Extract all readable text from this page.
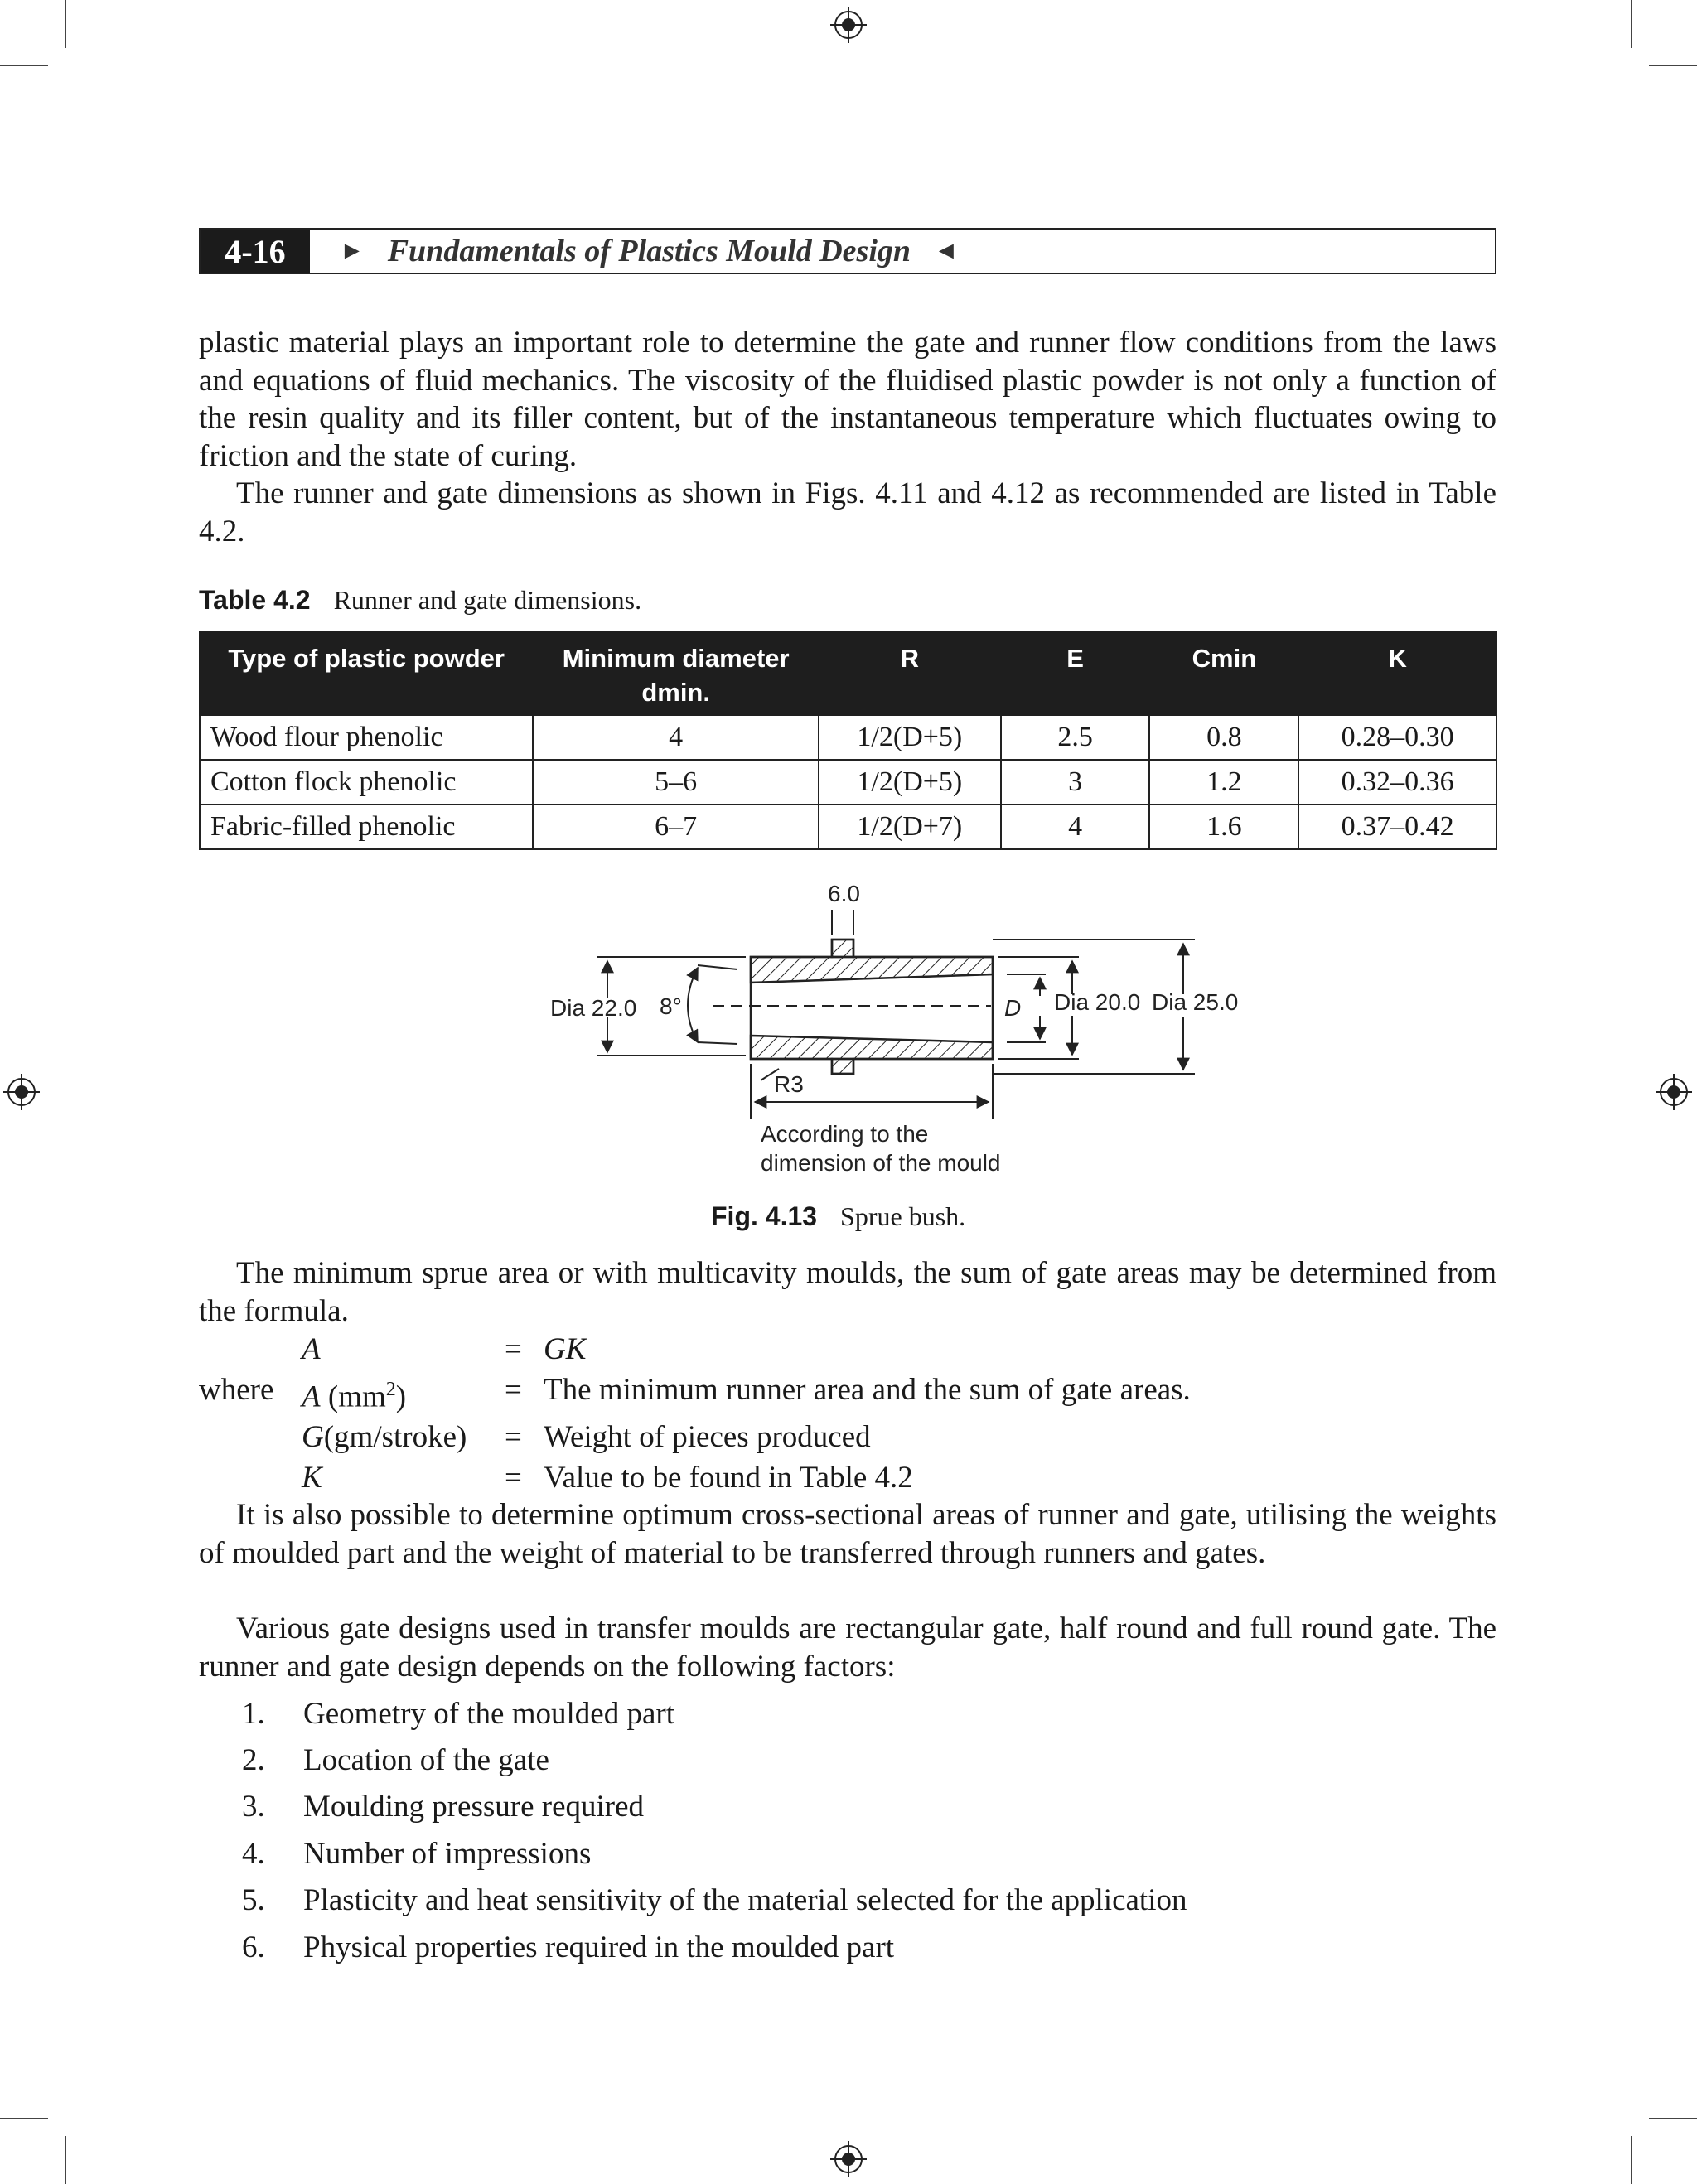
4-16	► Fundamentals of Plastics Mould Design ◄

plastic material plays an important role to determine the gate and runner flow conditions from the laws and equations of fluid mechanics. The viscosity of the fluidised plastic powder is not only a function of the resin quality and its filler content, but of the instantaneous temperature which fluctuates owing to friction and the state of curing.

The runner and gate dimensions as shown in Figs. 4.11 and 4.12 as recommended are listed in Table 4.2.

Table 4.2 Runner and gate dimensions.
Type of plastic powder	Minimum diameter dmin.	R	E	Cmin	K
Wood flour phenolic	4	1/2(D+5)	2.5	0.8	0.28–0.30
Cotton flock phenolic	5–6	1/2(D+5)	3	1.2	0.32–0.36
Fabric-filled phenolic	6–7	1/2(D+7)	4	1.6	0.37–0.42
6.0
Dia 22.0 8°	D Dia 20.0 Dia 25.0
R3
According to the
dimension of the mould
Fig. 4.13 Sprue bush.

The minimum sprue area or with multicavity moulds, the sum of gate areas may be determined from the formula.

A	= GK
where A $(mm^2)$	= The minimum runner area and the sum of gate areas.
G(gm/stroke)	= Weight of pieces produced
K	= Value to be found in Table 4.2

It is also possible to determine optimum cross-sectional areas of runner and gate, utilising the weights of moulded part and the weight of material to be transferred through runners and gates.

Various gate designs used in transfer moulds are rectangular gate, half round and full round gate. The runner and gate design depends on the following factors:

1.	Geometry of the moulded part
2.	Location of the gate
3.	Moulding pressure required
4.	Number of impressions
5.	Plasticity and heat sensitivity of the material selected for the application
6.	Physical properties required in the moulded part
